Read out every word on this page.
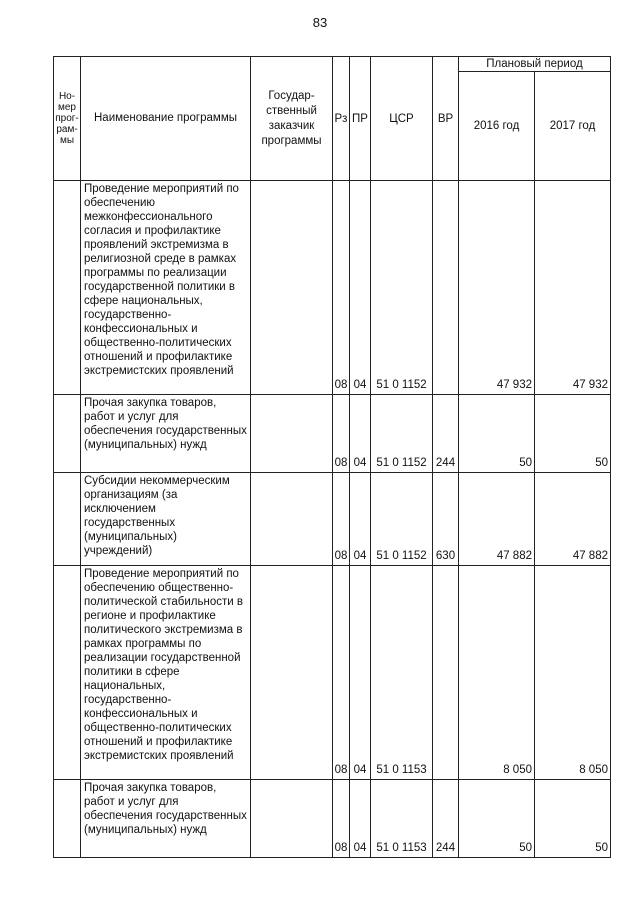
83
Но-мер прог-рам-мы	Наименование программы	Государ-ственный заказчик программы	Рз	ПР	ЦСР	ВР	Плановый период	
							2016 год	2017 год
	Проведение мероприятий по обеспечению межконфессионального согласия и профилактике проявлений экстремизма в религиозной среде в рамках программы по реализации государственной политики в сфере национальных, государственно-конфессиональных и общественно-политических отношений и профилактике экстремистских проявлений		08	04	51 0 1152		47 932	47 932
	Прочая закупка товаров, работ и услуг для обеспечения государственных (муниципальных) нужд		08	04	51 0 1152	244	50	50
	Субсидии некоммерческим организациям (за исключением государственных (муниципальных) учреждений)		08	04	51 0 1152	630	47 882	47 882
	Проведение мероприятий по обеспечению общественно-политической стабильности в регионе и профилактике политического экстремизма в рамках программы по реализации государственной политики в сфере национальных, государственно-конфессиональных и общественно-политических отношений и профилактике экстремистских проявлений		08	04	51 0 1153		8 050	8 050
	Прочая закупка товаров, работ и услуг для обеспечения государственных (муниципальных) нужд		08	04	51 0 1153	244	50	50
